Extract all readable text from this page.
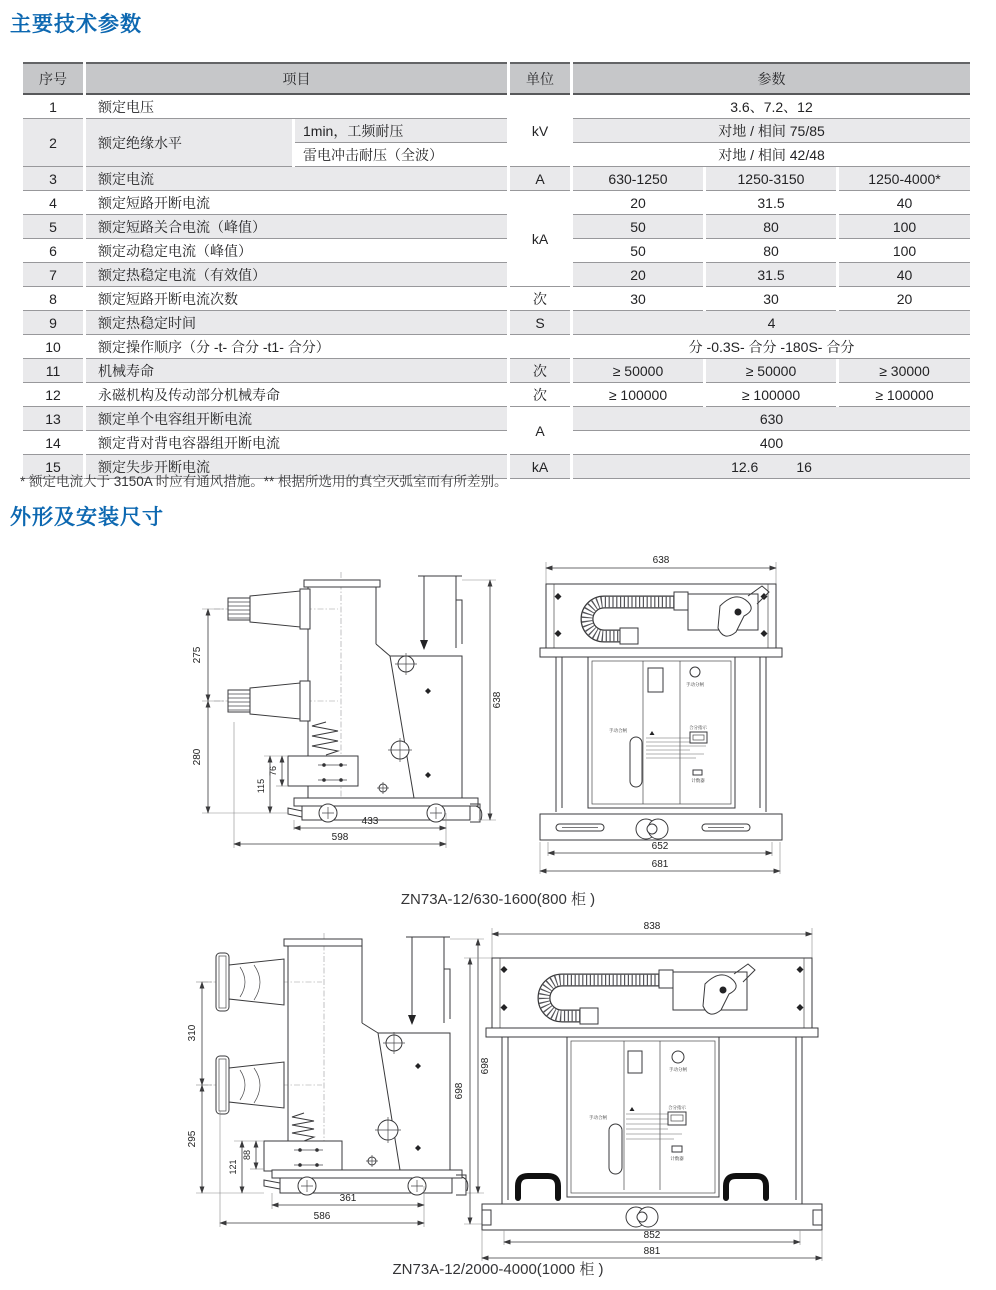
主要技术参数
序号	项目		单位	参数		
1	额定电压		kV	3.6、7.2、12		
2	额定绝缘水平	1min，工频耐压		对地 / 相间 75/85		
		雷电冲击耐压（全波）		对地 / 相间 42/48		
3	额定电流		A	630-1250	1250-3150	1250-4000*
4	额定短路开断电流		kA	20	31.5	40
5	额定短路关合电流（峰值）			50	80	100
6	额定动稳定电流（峰值）			50	80	100
7	额定热稳定电流（有效值）			20	31.5	40
8	额定短路开断电流次数		次	30	30	20
9	额定热稳定时间		S	4		
10	额定操作顺序（分 -t- 合分 -t1- 合分）			分 -0.3S- 合分 -180S- 合分		
11	机械寿命		次	≥ 50000	≥ 50000	≥ 30000
12	永磁机构及传动部分机械寿命		次	≥ 100000	≥ 100000	≥ 100000
13	额定单个电容组开断电流		A	630		
14	额定背对背电容器组开断电流			400		
15	额定失步开断电流		kA	12.6 16		
* 额定电流大于 3150A 时应有通风措施。** 根据所选用的真空灭弧室而有所差别。
外形及安装尺寸
275
280
76
115
433
598
638
638
手动分闸
手动合闸
合分指示
计数器
652
681
ZN73A-12/630-1600(800 柜 )
310
295
88
121
361
586
698
838
698
手动分闸
手动合闸
合分指示
计数器
852
881
ZN73A-12/2000-4000(1000 柜 )
